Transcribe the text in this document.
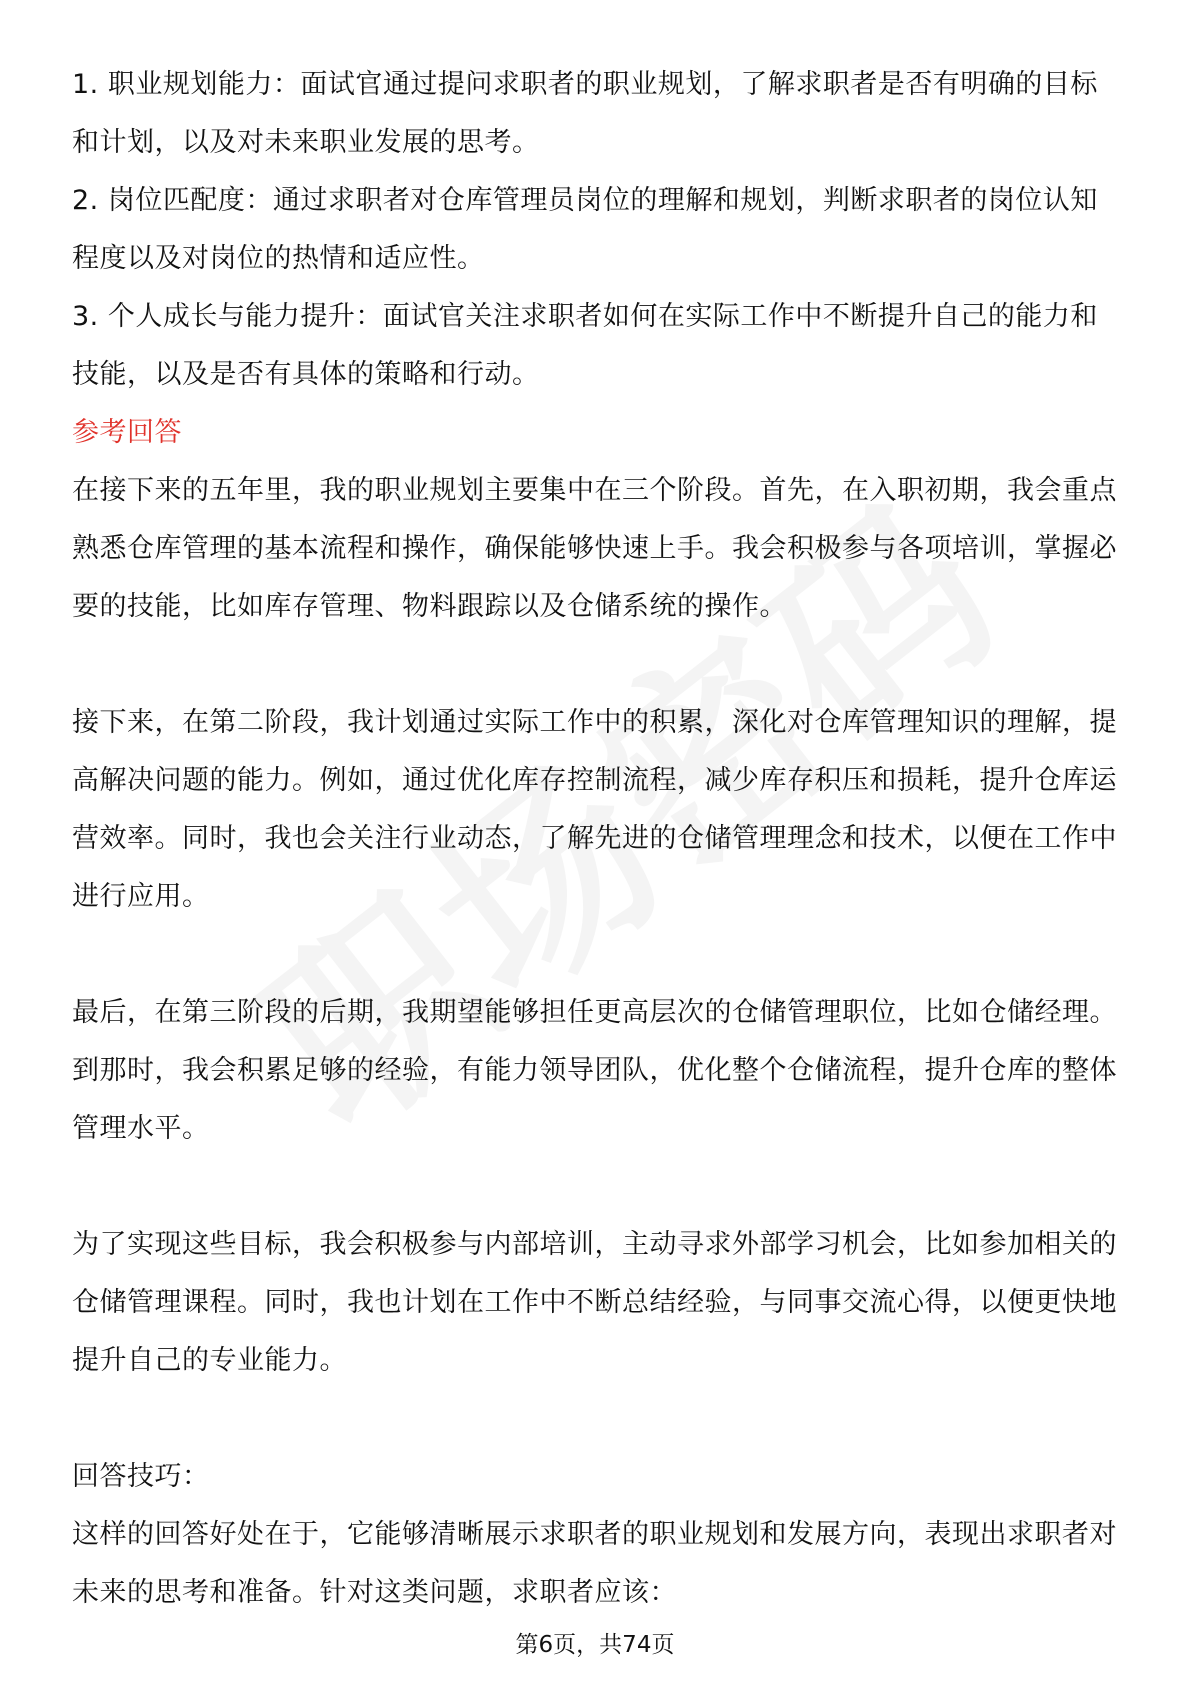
1. 职业规划能力：面试官通过提问求职者的职业规划，了解求职者是否有明确的目标和计划，以及对未来职业发展的思考。

2. 岗位匹配度：通过求职者对仓库管理员岗位的理解和规划，判断求职者的岗位认知程度以及对岗位的热情和适应性。

3. 个人成长与能力提升：面试官关注求职者如何在实际工作中不断提升自己的能力和技能，以及是否有具体的策略和行动。

参考回答

在接下来的五年里，我的职业规划主要集中在三个阶段。首先，在入职初期，我会重点熟悉仓库管理的基本流程和操作，确保能够快速上手。我会积极参与各项培训，掌握必要的技能，比如库存管理、物料跟踪以及仓储系统的操作。

接下来，在第二阶段，我计划通过实际工作中的积累，深化对仓库管理知识的理解，提高解决问题的能力。例如，通过优化库存控制流程，减少库存积压和损耗，提升仓库运营效率。同时，我也会关注行业动态，了解先进的仓储管理理念和技术，以便在工作中进行应用。

最后，在第三阶段的后期，我期望能够担任更高层次的仓储管理职位，比如仓储经理。到那时，我会积累足够的经验，有能力领导团队，优化整个仓储流程，提升仓库的整体管理水平。

为了实现这些目标，我会积极参与内部培训，主动寻求外部学习机会，比如参加相关的仓储管理课程。同时，我也计划在工作中不断总结经验，与同事交流心得，以便更快地提升自己的专业能力。

回答技巧：

这样的回答好处在于，它能够清晰展示求职者的职业规划和发展方向，表现出求职者对未来的思考和准备。针对这类问题，求职者应该：

第6页，共74页
